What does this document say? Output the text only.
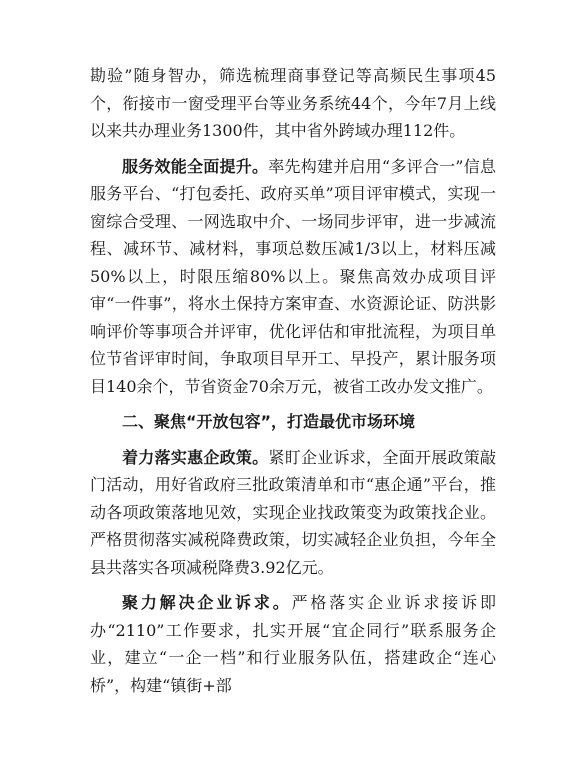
勘验”随身智办，筛选梳理商事登记等高频民生事项45个，衔接市一窗受理平台等业务系统44个，今年7月上线以来共办理业务1300件，其中省外跨域办理112件。

服务效能全面提升。率先构建并启用“多评合一”信息服务平台、“打包委托、政府买单”项目评审模式，实现一窗综合受理、一网选取中介、一场同步评审，进一步减流程、减环节、减材料，事项总数压减1/3以上，材料压减50%以上，时限压缩80%以上。聚焦高效办成项目评审“一件事”，将水土保持方案审查、水资源论证、防洪影响评价等事项合并评审，优化评估和审批流程，为项目单位节省评审时间，争取项目早开工、早投产，累计服务项目140余个，节省资金70余万元，被省工改办发文推广。

二、聚焦“开放包容”，打造最优市场环境

着力落实惠企政策。紧盯企业诉求，全面开展政策敲门活动，用好省政府三批政策清单和市“惠企通”平台，推动各项政策落地见效，实现企业找政策变为政策找企业。严格贯彻落实减税降费政策，切实减轻企业负担，今年全县共落实各项减税降费3.92亿元。

聚力解决企业诉求。严格落实企业诉求接诉即办“2110”工作要求，扎实开展“宜企同行”联系服务企业，建立“一企一档”和行业服务队伍，搭建政企“连心桥”，构建“镇街+部
